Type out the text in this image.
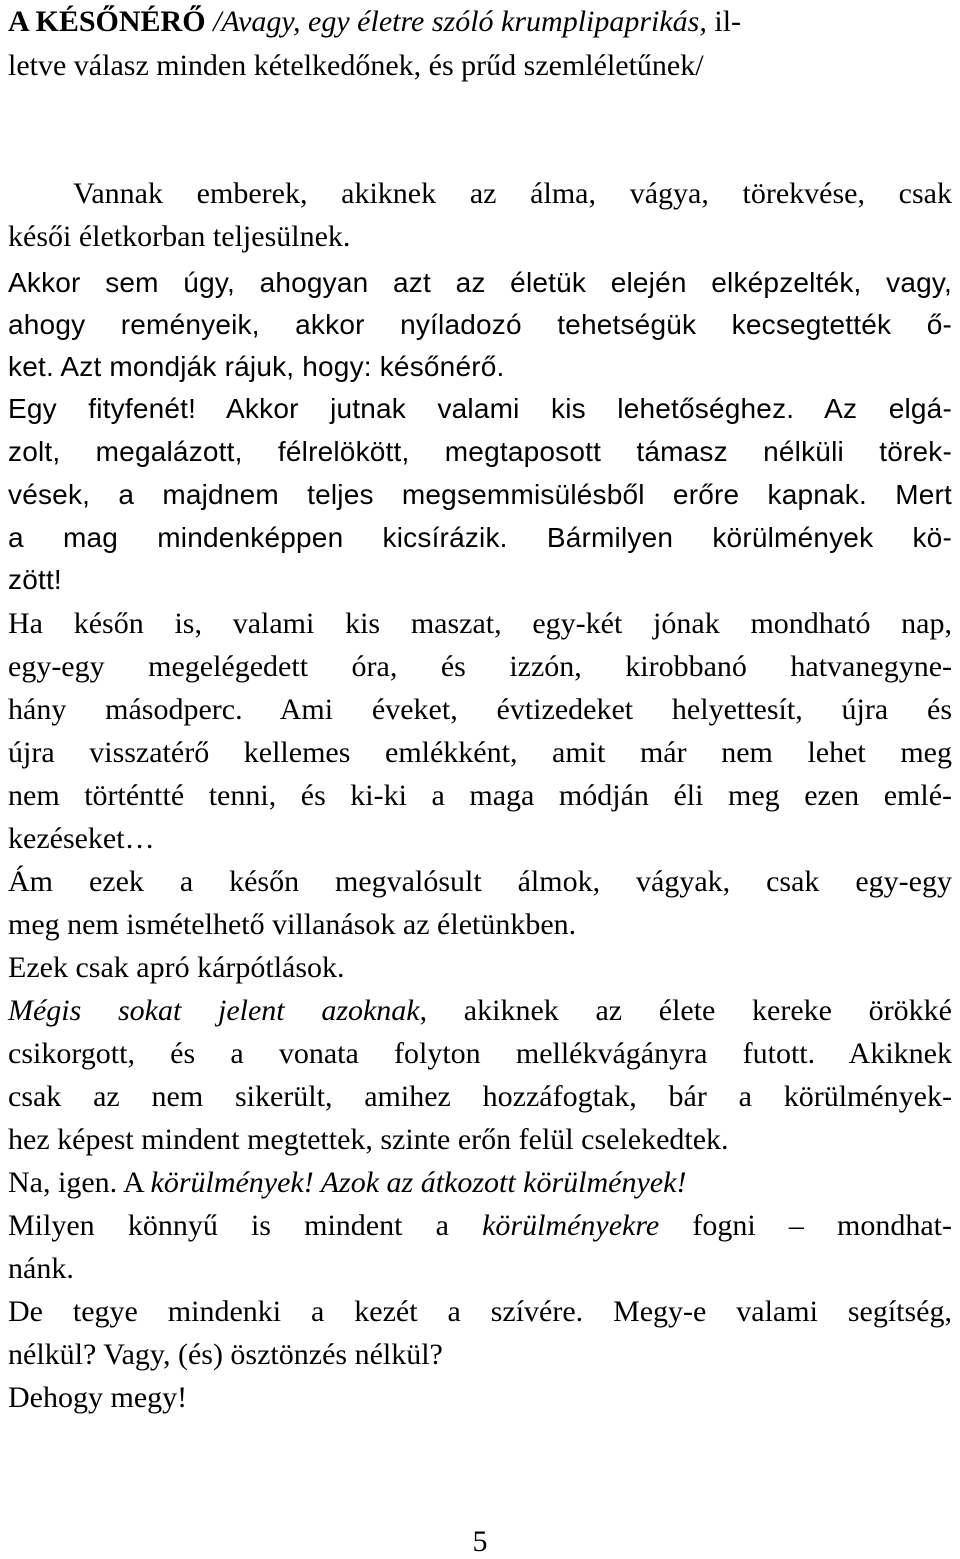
A KÉSŐNÉRŐ /Avagy, egy életre szóló krumplipaprikás, il-
letve válasz minden kételkedőnek, és prűd szemléletűnek/
Vannak emberek, akiknek az álma, vágya, törekvése, csak
késői életkorban teljesülnek.
Akkor sem úgy, ahogyan azt az életük elején elképzelték, vagy,
ahogy reményeik, akkor nyíladozó tehetségük kecsegtették ő-
ket. Azt mondják rájuk, hogy: későnérő.
Egy fityfenét! Akkor jutnak valami kis lehetőséghez. Az elgá-
zolt, megalázott, félrelökött, megtaposott támasz nélküli törek-
vések, a majdnem teljes megsemmisülésből erőre kapnak. Mert
a mag mindenképpen kicsírázik. Bármilyen körülmények kö-
zött!
Ha későn is, valami kis maszat, egy-két jónak mondható nap,
egy-egy megelégedett óra, és izzón, kirobbanó hatvanegyne-
hány másodperc. Ami éveket, évtizedeket helyettesít, újra és
újra visszatérő kellemes emlékként, amit már nem lehet meg
nem történtté tenni, és ki-ki a maga módján éli meg ezen emlé-
kezéseket…
Ám ezek a későn megvalósult álmok, vágyak, csak egy-egy
meg nem ismételhető villanások az életünkben.
Ezek csak apró kárpótlások.
Mégis sokat jelent azoknak, akiknek az élete kereke örökké
csikorgott, és a vonata folyton mellékvágányra futott. Akiknek
csak az nem sikerült, amihez hozzáfogtak, bár a körülmények-
hez képest mindent megtettek, szinte erőn felül cselekedtek.
Na, igen. A körülmények! Azok az átkozott körülmények!
Milyen könnyű is mindent a körülményekre fogni – mondhat-
nánk.
De tegye mindenki a kezét a szívére. Megy-e valami segítség,
nélkül? Vagy, (és) ösztönzés nélkül?
Dehogy megy!
5
